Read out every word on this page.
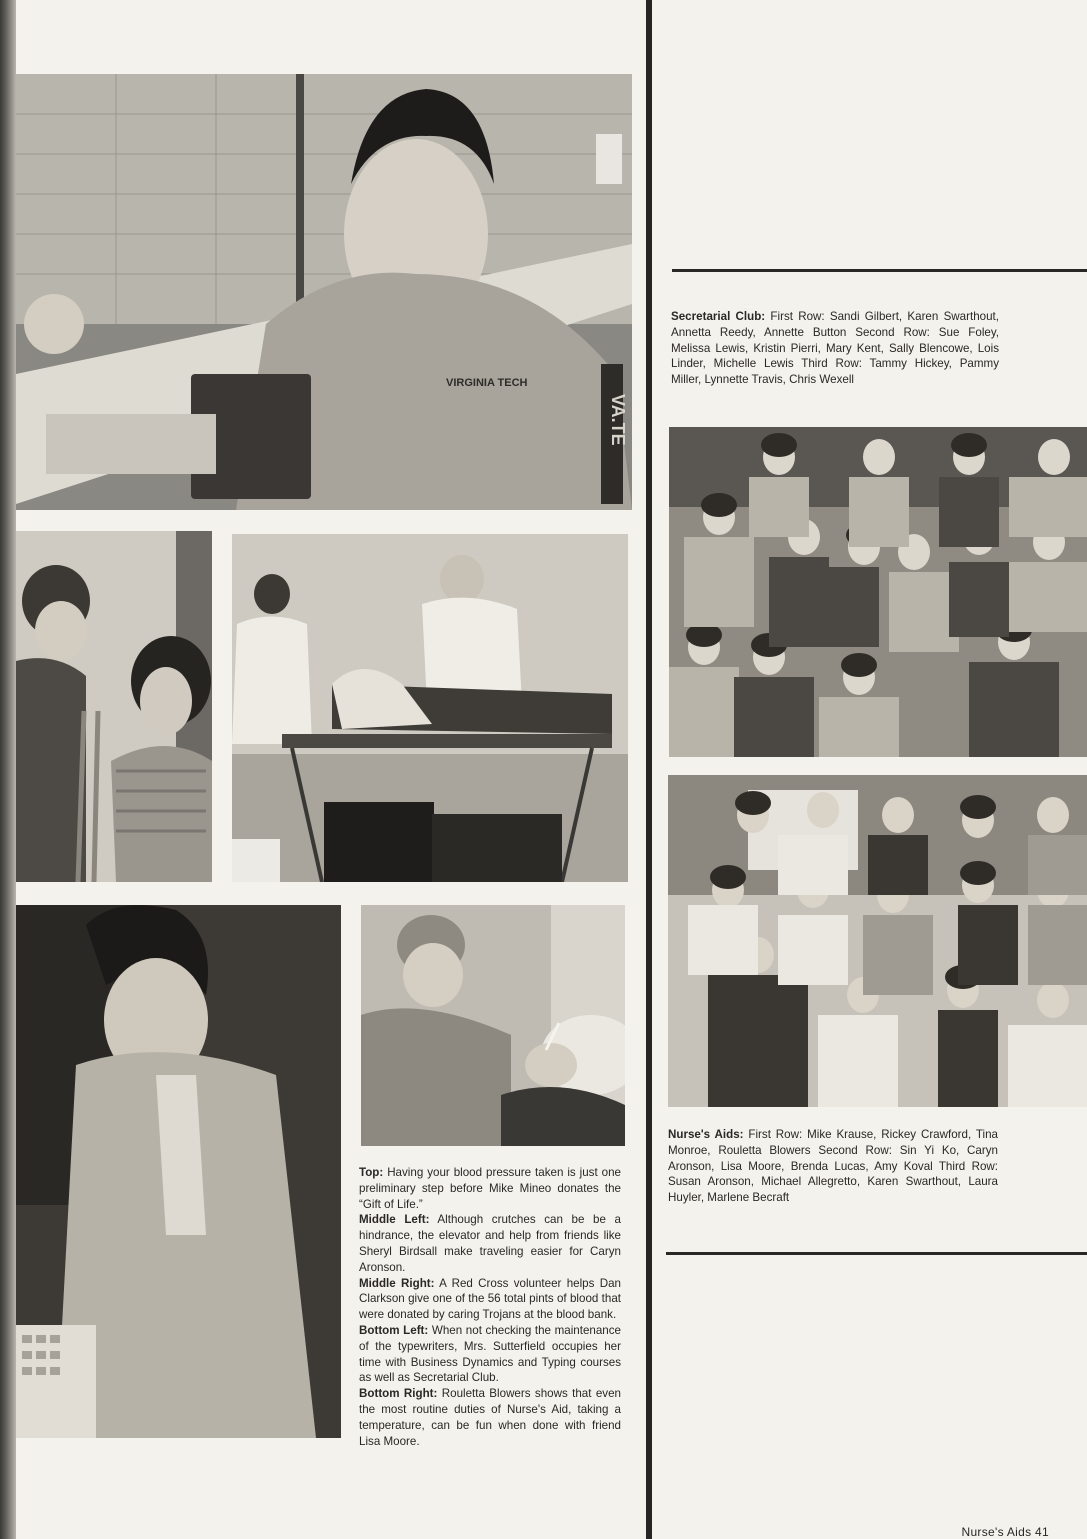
VIRGINIA TECH
VA.TE

Top: Having your blood pressure taken is just one preliminary step before Mike Mineo donates the “Gift of Life.”

Middle Left: Although crutches can be be a hindrance, the elevator and help from friends like Sheryl Birdsall make traveling easier for Caryn Aronson.

Middle Right: A Red Cross volunteer helps Dan Clarkson give one of the 56 total pints of blood that were donated by caring Trojans at the blood bank.

Bottom Left: When not checking the maintenance of the typewriters, Mrs. Sutterfield occupies her time with Business Dynamics and Typing courses as well as Secretarial Club.

Bottom Right: Rouletta Blowers shows that even the most routine duties of Nurse's Aid, taking a temperature, can be fun when done with friend Lisa Moore.

Secretarial Club: First Row: Sandi Gilbert, Karen Swarthout, Annetta Reedy, Annette Button Second Row: Sue Foley, Melissa Lewis, Kristin Pierri, Mary Kent, Sally Blencowe, Lois Linder, Michelle Lewis Third Row: Tammy Hickey, Pammy Miller, Lynnette Travis, Chris Wexell
Nurse's Aids: First Row: Mike Krause, Rickey Crawford, Tina Monroe, Rouletta Blowers Second Row: Sin Yi Ko, Caryn Aronson, Lisa Moore, Brenda Lucas, Amy Koval Third Row: Susan Aronson, Michael Allegretto, Karen Swarthout, Laura Huyler, Marlene Becraft
Nurse's Aids 41
